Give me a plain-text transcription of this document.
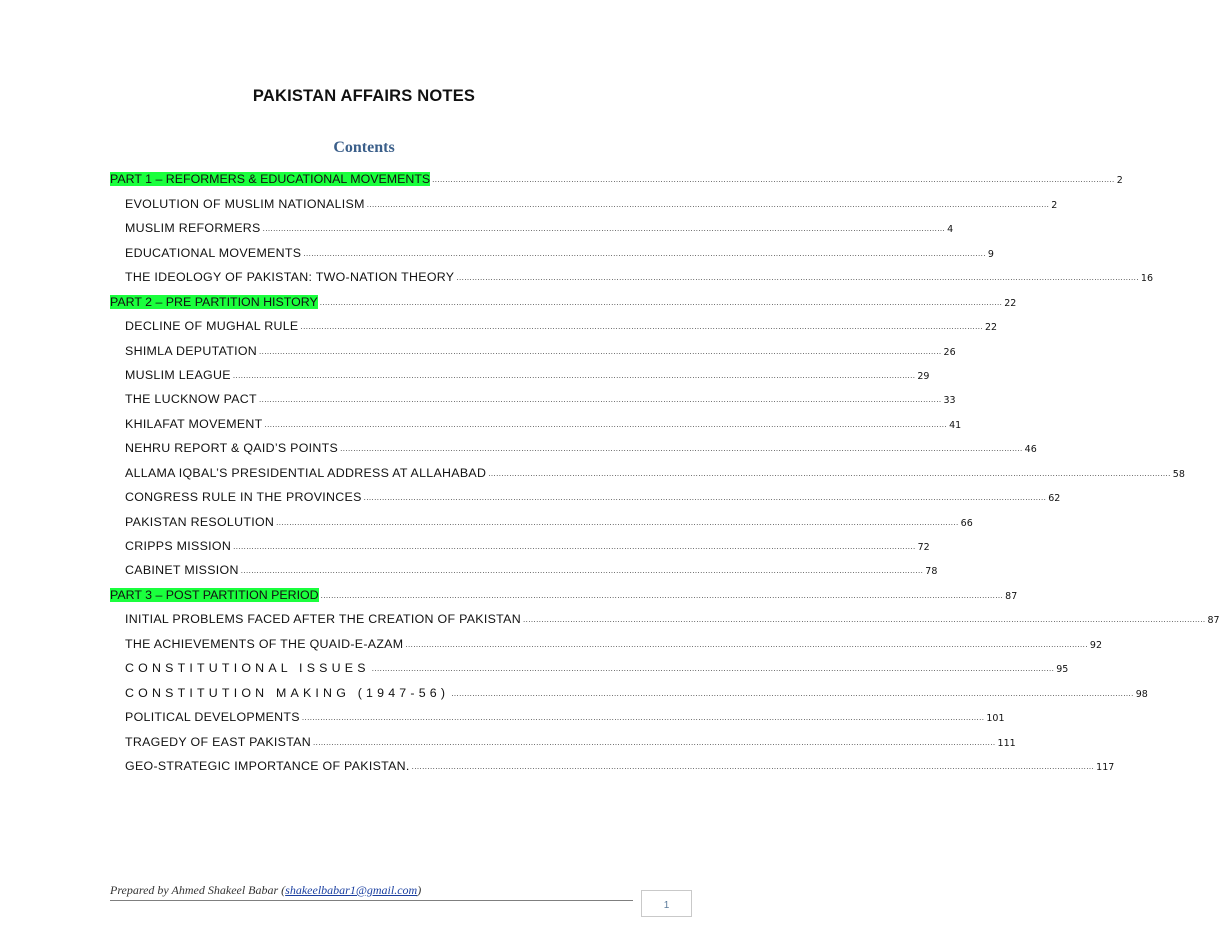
PAKISTAN AFFAIRS NOTES
Contents
PART 1 – REFORMERS & EDUCATIONAL MOVEMENTS .................................................................................................................................................................................................................................................................... 2
EVOLUTION OF MUSLIM NATIONALISM .................................................................................................................................................................................................................................................................... 2
MUSLIM REFORMERS .................................................................................................................................................................................................................................................................... 4
EDUCATIONAL MOVEMENTS .................................................................................................................................................................................................................................................................... 9
THE IDEOLOGY OF PAKISTAN: TWO-NATION THEORY .................................................................................................................................................................................................................................................................... 16
PART 2 – PRE PARTITION HISTORY .................................................................................................................................................................................................................................................................... 22
DECLINE OF MUGHAL RULE .................................................................................................................................................................................................................................................................... 22
SHIMLA DEPUTATION .................................................................................................................................................................................................................................................................... 26
MUSLIM LEAGUE .................................................................................................................................................................................................................................................................... 29
THE LUCKNOW PACT .................................................................................................................................................................................................................................................................... 33
KHILAFAT MOVEMENT .................................................................................................................................................................................................................................................................... 41
NEHRU REPORT & QAID’S POINTS .................................................................................................................................................................................................................................................................... 46
ALLAMA IQBAL’S PRESIDENTIAL ADDRESS AT ALLAHABAD .................................................................................................................................................................................................................................................................... 58
CONGRESS RULE IN THE PROVINCES .................................................................................................................................................................................................................................................................... 62
PAKISTAN RESOLUTION .................................................................................................................................................................................................................................................................... 66
CRIPPS MISSION .................................................................................................................................................................................................................................................................... 72
CABINET MISSION .................................................................................................................................................................................................................................................................... 78
PART 3 – POST PARTITION PERIOD .................................................................................................................................................................................................................................................................... 87
INITIAL PROBLEMS FACED AFTER THE CREATION OF PAKISTAN .................................................................................................................................................................................................................................................................... 87
THE ACHIEVEMENTS OF THE QUAID-E-AZAM .................................................................................................................................................................................................................................................................... 92
CONSTITUTIONAL ISSUES .................................................................................................................................................................................................................................................................... 95
CONSTITUTION MAKING (1947-56) .................................................................................................................................................................................................................................................................... 98
POLITICAL DEVELOPMENTS .................................................................................................................................................................................................................................................................... 101
TRAGEDY OF EAST PAKISTAN .................................................................................................................................................................................................................................................................... 111
GEO-STRATEGIC IMPORTANCE OF PAKISTAN. .................................................................................................................................................................................................................................................................... 117
Prepared by Ahmed Shakeel Babar (shakeelbabar1@gmail.com)
1
